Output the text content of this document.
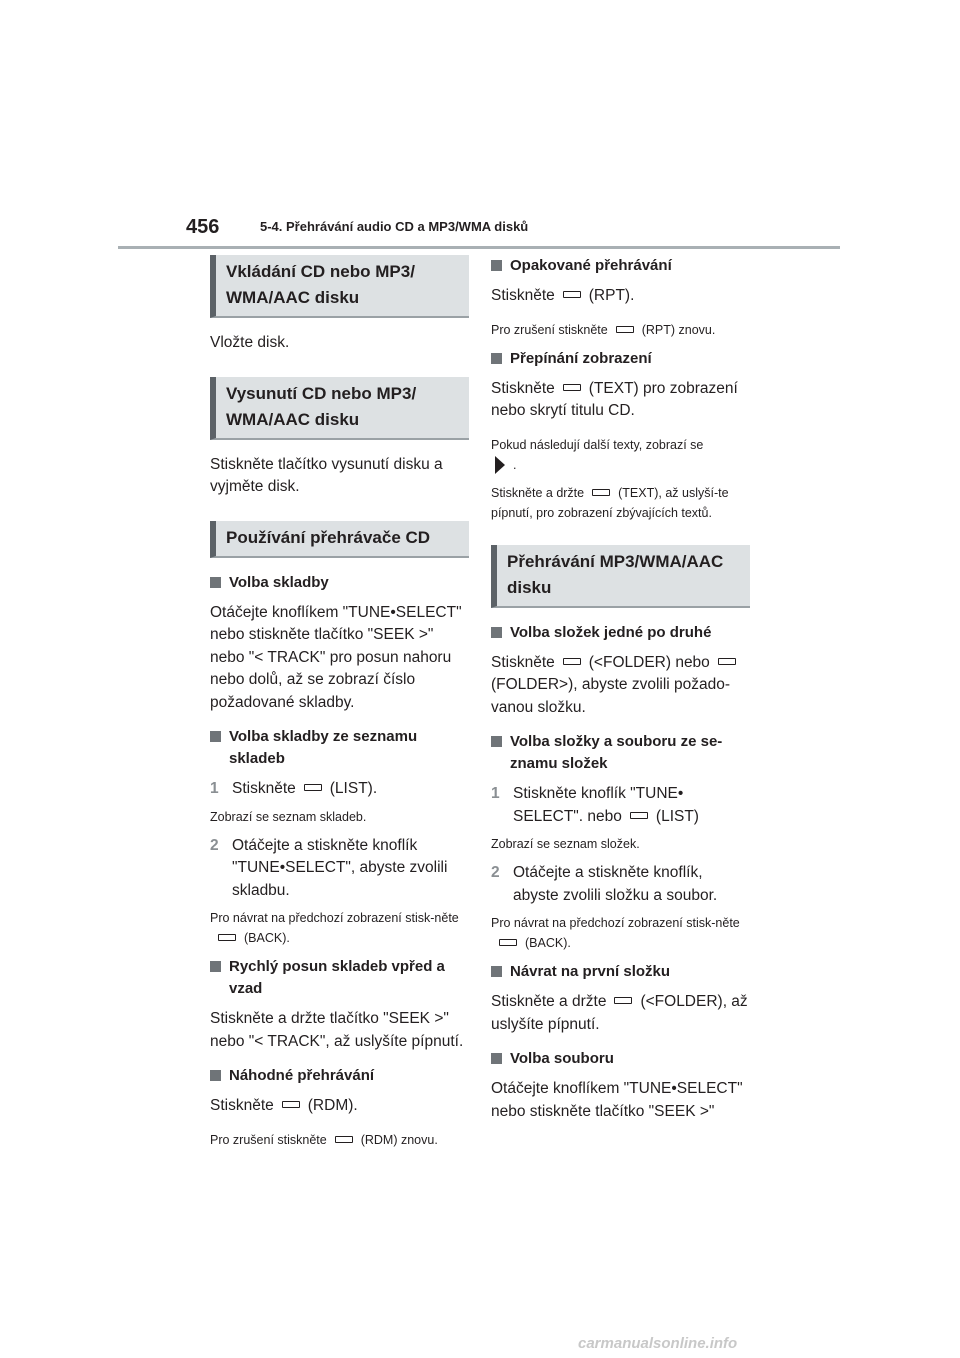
456	5-4. Přehrávání audio CD a MP3/WMA disků
Vkládání CD nebo MP3/ WMA/AAC disku

Vložte disk.

Vysunutí CD nebo MP3/ WMA/AAC disku

Stiskněte tlačítko vysunutí disku a vyjměte disk.

Používání přehrávače CD
Volba skladby

Otáčejte knoflíkem "TUNE•SELECT" nebo stiskněte tlačítko "SEEK >" nebo "< TRACK" pro posun nahoru nebo dolů, až se zobrazí číslo požadované skladby.

Volba skladby ze seznamu skladeb
1 Stiskněte (LIST).

Zobrazí se seznam skladeb.

2 Otáčejte a stiskněte knoflík "TUNE•SELECT", abyste zvolili skladbu.

Pro návrat na předchozí zobrazení stisk-něte(BACK).

Rychlý posun skladeb vpřed a vzad

Stiskněte a držte tlačítko "SEEK >" nebo "< TRACK", až uslyšíte pípnutí.

Náhodné přehrávání

Stiskněte (RDM).

Pro zrušení stiskněte	(RDM) znovu.

Opakované přehrávání

Stiskněte (RPT).

Pro zrušení stiskněte	(RPT) znovu.

Přepínání zobrazení

Stiskněte (TEXT) pro zobrazení nebo skrytí titulu CD.

Pokud následují další texty, zobrazí se
.

Stiskněte a držte	(TEXT), až uslyší-te pípnutí, pro zobrazení zbývajících textů.

Přehrávání MP3/WMA/AAC disku
Volba složek jedné po druhé

Stiskněte (<FOLDER) nebo(FOLDER>), abyste zvolili požado-vanou složku.

Volba složky a souboru ze se-znamu složek
1 Stiskněte knoflík "TUNE• SELECT". nebo (LIST)

Zobrazí se seznam složek.

2 Otáčejte a stiskněte knoflík, abyste zvolili složku a soubor.

Pro návrat na předchozí zobrazení stisk-něte(BACK).

Návrat na první složku

Stiskněte a držte (<FOLDER), až uslyšíte pípnutí.

Volba souboru

Otáčejte knoflíkem "TUNE•SELECT" nebo stiskněte tlačítko "SEEK >"

carmanualsonline.info
